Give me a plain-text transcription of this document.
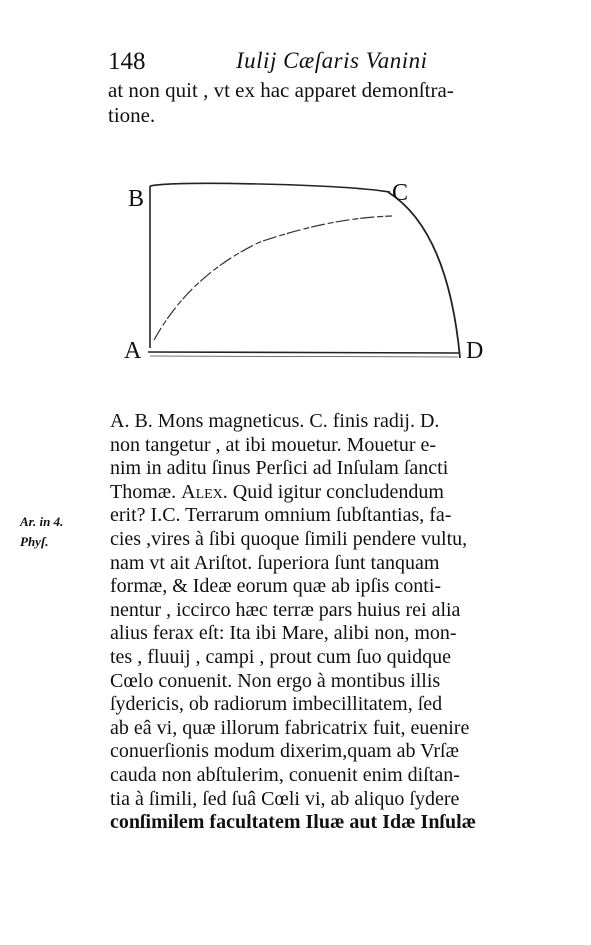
148	Iulij Cæſaris Vanini
at non quit , vt ex hac apparet demonſtra-
tione.
B	C
A	D
Ar. in 4.
Phyſ.
A. B. Mons magneticus. C. finis radij. D.
non tangetur , at ibi mouetur. Mouetur e-
nim in aditu ſinus Perſici ad Inſulam ſancti
Thomæ. Alex. Quid igitur concludendum
erit? I.C. Terrarum omnium ſubſtantias, fa-
cies ,vires à ſibi quoque ſimili pendere vultu,
nam vt ait Ariſtot. ſuperiora ſunt tanquam
formæ, & Ideæ eorum quæ ab ipſis conti-
nentur , iccirco hæc terræ pars huius rei alia
alius ferax eſt: Ita ibi Mare, alibi non, mon-
tes , fluuij , campi , prout cum ſuo quidque
Cœlo conuenit. Non ergo à montibus illis
ſydericis, ob radiorum imbecillitatem, ſed
ab eâ vi, quæ illorum fabricatrix fuit, euenire
conuerſionis modum dixerim,quam ab Vrſæ
cauda non abſtulerim, conuenit enim diſtan-
tia à ſimili, ſed ſuâ Cœli vi, ab aliquo ſydere
conſimilem facultatem Iluæ aut Idæ Inſulæ
